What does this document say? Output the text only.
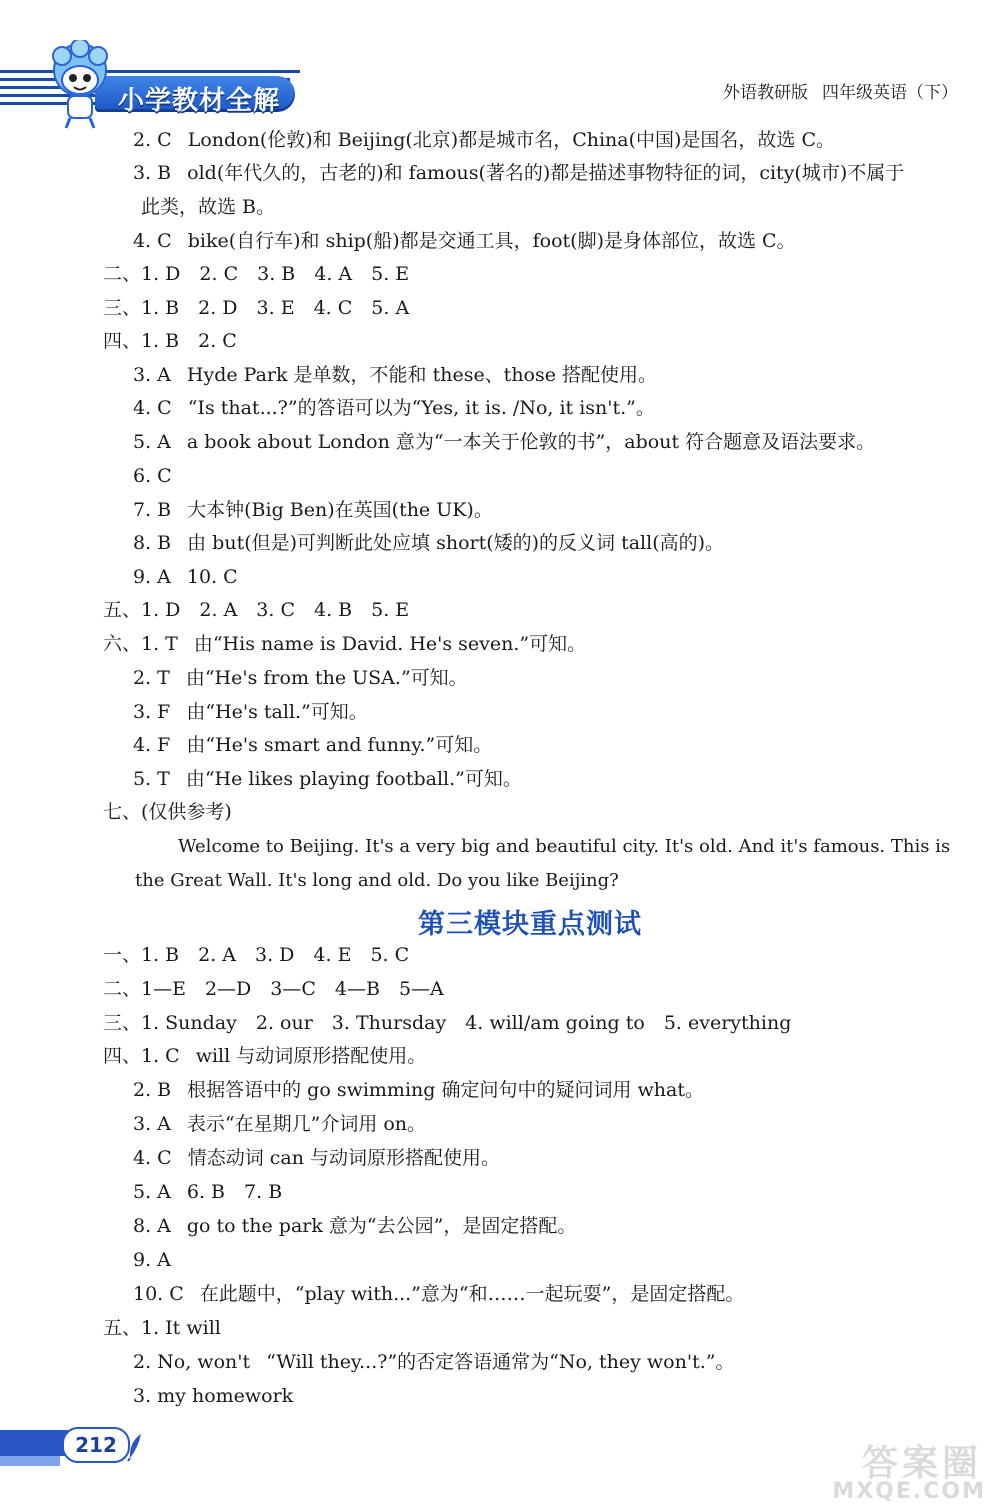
小学教材全解	外语教研版 四年级英语（下）
2. C London(伦敦)和 Beijing(北京)都是城市名，China(中国)是国名，故选 C。
3. B old(年代久的，古老的)和 famous(著名的)都是描述事物特征的词，city(城市)不属于
此类，故选 B。
4. C bike(自行车)和 ship(船)都是交通工具，foot(脚)是身体部位，故选 C。
二、1. D　2. C　3. B　4. A　5. E
三、1. B　2. D　3. E　4. C　5. A
四、1. B　2. C
3. A Hyde Park 是单数，不能和 these、those 搭配使用。
4. C “Is that...?”的答语可以为“Yes, it is. /No, it isn't.”。
5. A a book about London 意为“一本关于伦敦的书”，about 符合题意及语法要求。
6. C
7. B 大本钟(Big Ben)在英国(the UK)。
8. B 由 but(但是)可判断此处应填 short(矮的)的反义词 tall(高的)。
9. A 10. C
五、1. D　2. A　3. C　4. B　5. E
六、1. T 由“His name is David. He's seven.”可知。
2. T 由“He's from the USA.”可知。
3. F 由“He's tall.”可知。
4. F 由“He's smart and funny.”可知。
5. T 由“He likes playing football.”可知。
七、(仅供参考)
Welcome to Beijing. It's a very big and beautiful city. It's old. And it's famous. This is
the Great Wall. It's long and old. Do you like Beijing?
第三模块重点测试
一、1. B　2. A　3. D　4. E　5. C
二、1—E　2—D　3—C　4—B　5—A
三、1. Sunday　2. our　3. Thursday　4. will/am going to　5. everything
四、1. C will 与动词原形搭配使用。
2. B 根据答语中的 go swimming 确定问句中的疑问词用 what。
3. A 表示“在星期几”介词用 on。
4. C 情态动词 can 与动词原形搭配使用。
5. A 6. B　7. B
8. A go to the park 意为“去公园”，是固定搭配。
9. A
10. C 在此题中，“play with...”意为“和……一起玩耍”，是固定搭配。
五、1. It will
2. No, won't “Will they...?”的否定答语通常为“No, they won't.”。
3. my homework
212	答案圈
MXQE.COM
